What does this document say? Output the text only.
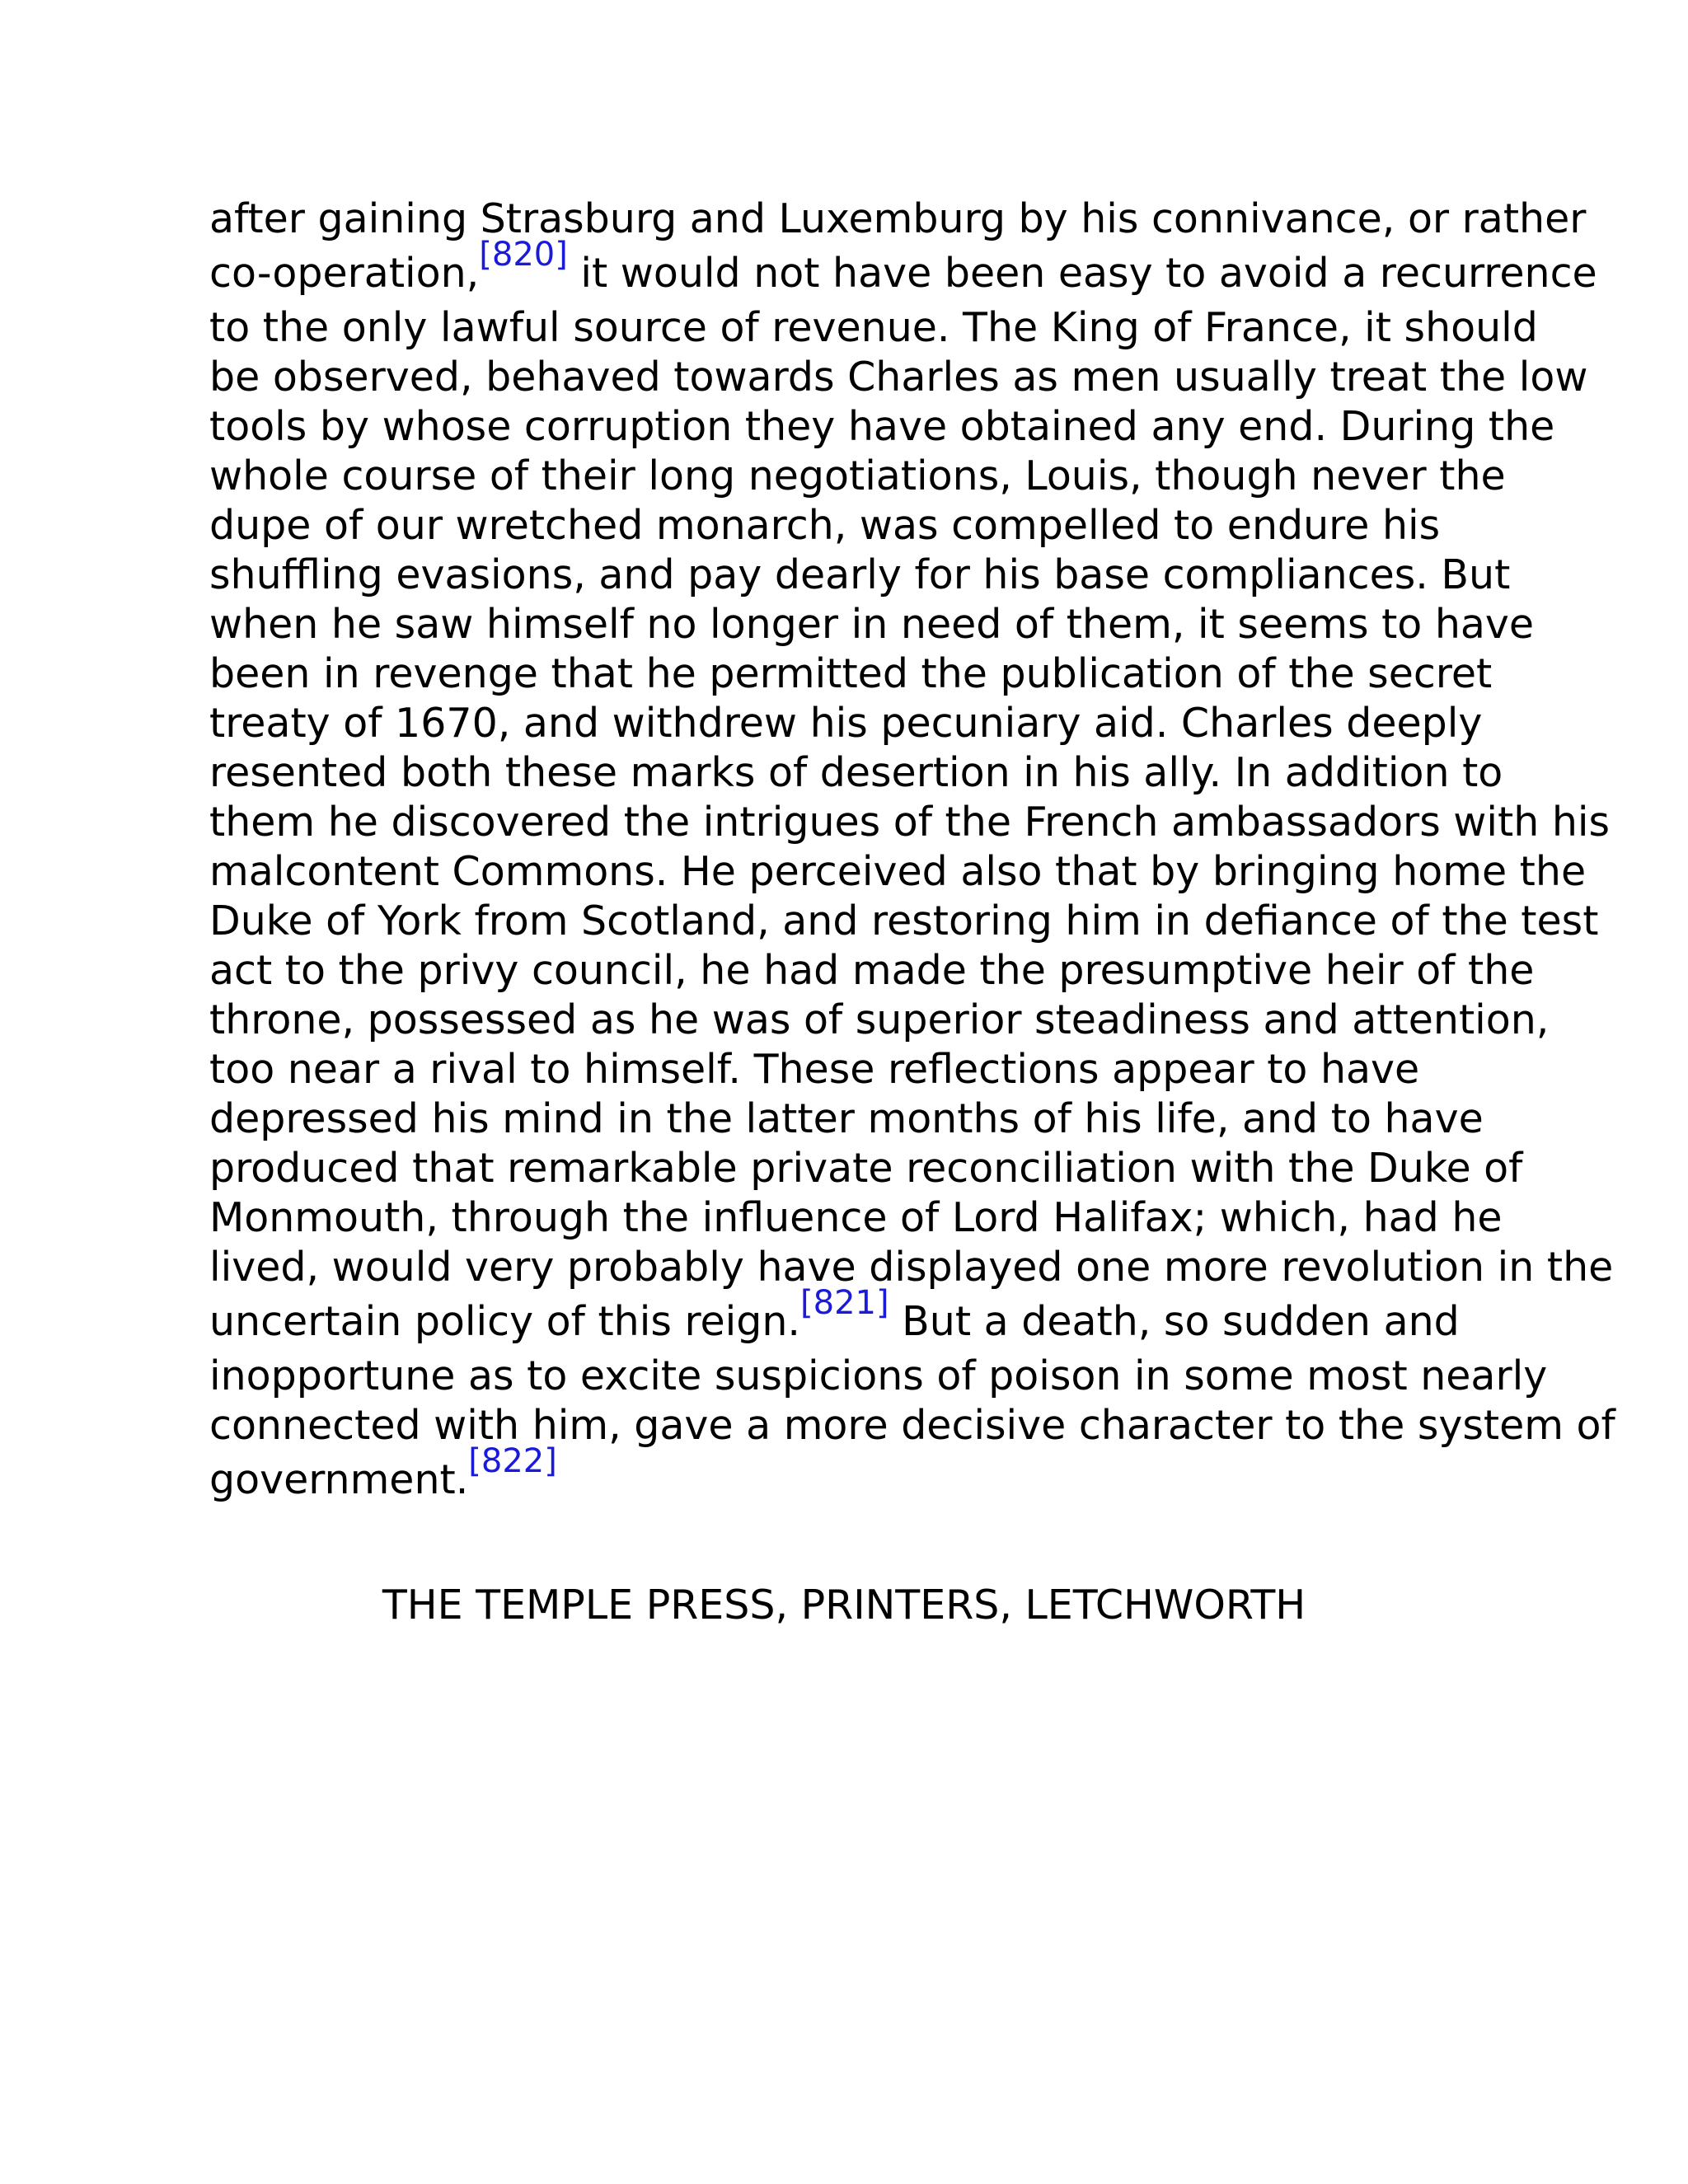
after gaining Strasburg and Luxemburg by his connivance, or rather
co-operation,[820] it would not have been easy to avoid a recurrence
to the only lawful source of revenue. The King of France, it should
be observed, behaved towards Charles as men usually treat the low
tools by whose corruption they have obtained any end. During the
whole course of their long negotiations, Louis, though never the
dupe of our wretched monarch, was compelled to endure his
shuffling evasions, and pay dearly for his base compliances. But
when he saw himself no longer in need of them, it seems to have
been in revenge that he permitted the publication of the secret
treaty of 1670, and withdrew his pecuniary aid. Charles deeply
resented both these marks of desertion in his ally. In addition to
them he discovered the intrigues of the French ambassadors with his
malcontent Commons. He perceived also that by bringing home the
Duke of York from Scotland, and restoring him in defiance of the test
act to the privy council, he had made the presumptive heir of the
throne, possessed as he was of superior steadiness and attention,
too near a rival to himself. These reflections appear to have
depressed his mind in the latter months of his life, and to have
produced that remarkable private reconciliation with the Duke of
Monmouth, through the influence of Lord Halifax; which, had he
lived, would very probably have displayed one more revolution in the
uncertain policy of this reign.[821] But a death, so sudden and
inopportune as to excite suspicions of poison in some most nearly
connected with him, gave a more decisive character to the system of
government.[822]
THE TEMPLE PRESS, PRINTERS, LETCHWORTH
